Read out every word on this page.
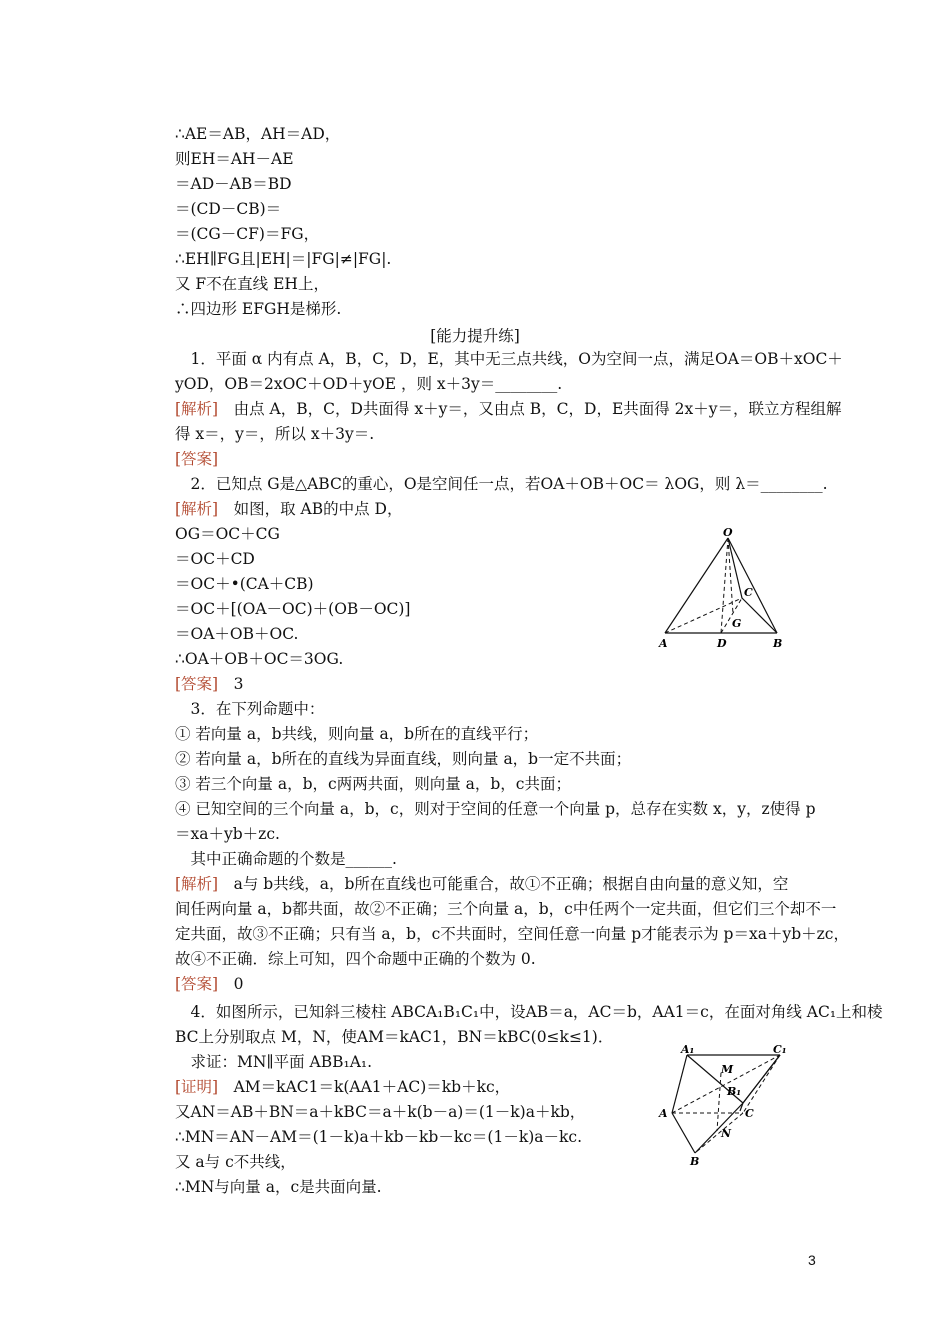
∴AE＝AB，AH＝AD，
则EH＝AH－AE
＝AD－AB＝BD
＝(CD－CB)＝
＝(CG－CF)＝FG，
∴EH∥FG且|EH|＝|FG|≠|FG|.
又 F不在直线 EH上，
∴四边形 EFGH是梯形.
[能力提升练]
　1．平面 α 内有点 A，B，C，D，E，其中无三点共线，O为空间一点，满足OA＝OB＋xOC＋
yOD，OB＝2xOC＋OD＋yOE ，则 x＋3y＝________.
[解析]　由点 A，B，C，D共面得 x＋y＝，又由点 B，C，D，E共面得 2x＋y＝，联立方程组解
得 x＝，y＝，所以 x＋3y＝.
[答案]
　2．已知点 G是△ABC的重心，O是空间任一点，若OA＋OB＋OC＝ λOG，则 λ＝________.
[解析]　如图，取 AB的中点 D，
OG＝OC＋CG
＝OC＋CD
＝OC＋•(CA＋CB)
＝OC＋[(OA－OC)＋(OB－OC)]
＝OA＋OB＋OC.
∴OA＋OB＋OC＝3OG.
[答案]　3
O
A	B
C
D
G
　3．在下列命题中：
① 若向量 a，b共线，则向量 a，b所在的直线平行；
② 若向量 a，b所在的直线为异面直线，则向量 a，b一定不共面；
③ 若三个向量 a，b，c两两共面，则向量 a，b，c共面；
④ 已知空间的三个向量 a，b，c，则对于空间的任意一个向量 p，总存在实数 x，y，z使得 p
＝xa＋yb＋zc.
　其中正确命题的个数是______.
[解析]　a与 b共线，a，b所在直线也可能重合，故①不正确；根据自由向量的意义知，空
间任两向量 a，b都共面，故②不正确；三个向量 a，b，c中任两个一定共面，但它们三个却不一
定共面，故③不正确；只有当 a，b，c不共面时，空间任意一向量 p才能表示为 p＝xa＋yb＋zc，
故④不正确．综上可知，四个命题中正确的个数为 0.
[答案]　0
　4．如图所示，已知斜三棱柱 ABCA₁B₁C₁中，设AB＝a，AC＝b，AA1＝c，在面对角线 AC₁上和棱
BC上分别取点 M，N，使AM＝kAC1，BN＝kBC(0≤k≤1)．
　求证：MN∥平面 ABB₁A₁.
[证明]　AM＝kAC1＝k(AA1＋AC)＝kb＋kc，
又AN＝AB＋BN＝a＋kBC＝a＋k(b－a)＝(1－k)a＋kb，
∴MN＝AN－AM＝(1－k)a＋kb－kb－kc＝(1－k)a－kc.
又 a与 c不共线，
∴MN与向量 a，c是共面向量.
A₁	C₁
M
B₁
A	C
N
B
3
